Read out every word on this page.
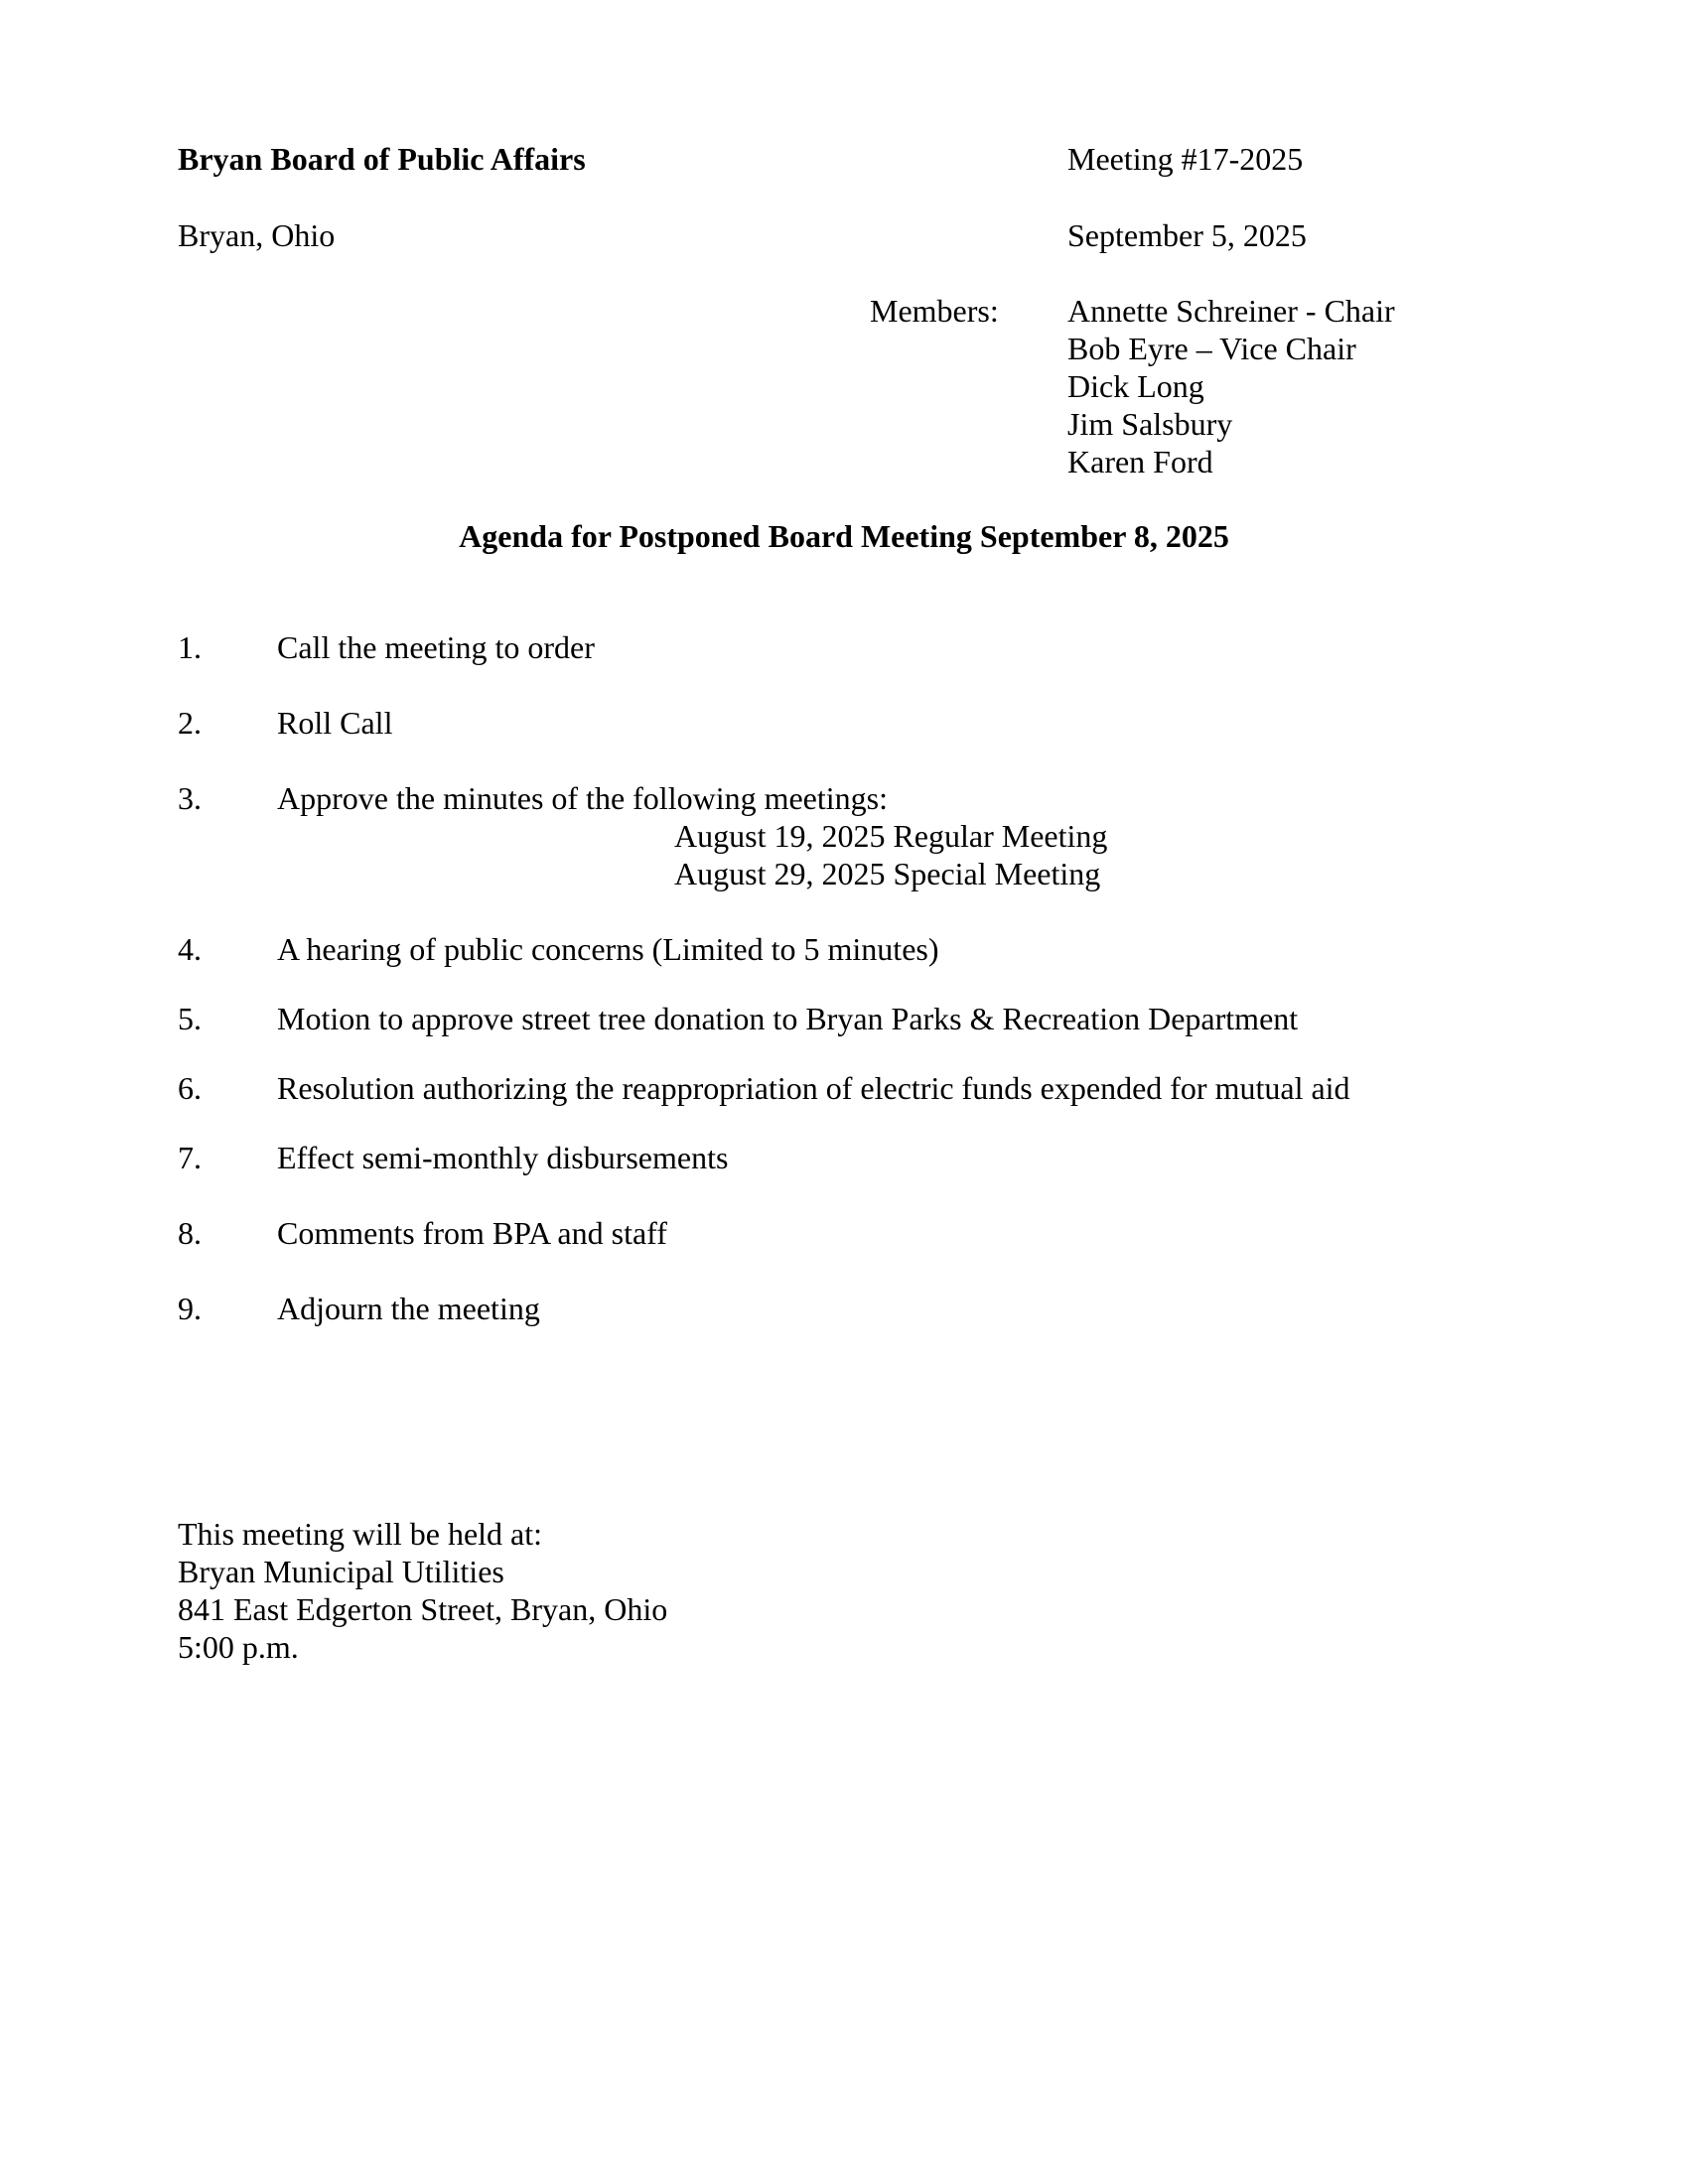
Bryan Board of Public Affairs	Meeting #17-2025
Bryan, Ohio	September 5, 2025
Members: Annette Schreiner - Chair
Bob Eyre – Vice Chair
Dick Long
Jim Salsbury
Karen Ford
Agenda for Postponed Board Meeting September 8, 2025
1. Call the meeting to order
2. Roll Call
3. Approve the minutes of the following meetings:
August 19, 2025 Regular Meeting
August 29, 2025 Special Meeting
4. A hearing of public concerns (Limited to 5 minutes)
5. Motion to approve street tree donation to Bryan Parks & Recreation Department
6. Resolution authorizing the reappropriation of electric funds expended for mutual aid
7. Effect semi-monthly disbursements
8. Comments from BPA and staff
9. Adjourn the meeting
This meeting will be held at:
Bryan Municipal Utilities
841 East Edgerton Street, Bryan, Ohio
5:00 p.m.
